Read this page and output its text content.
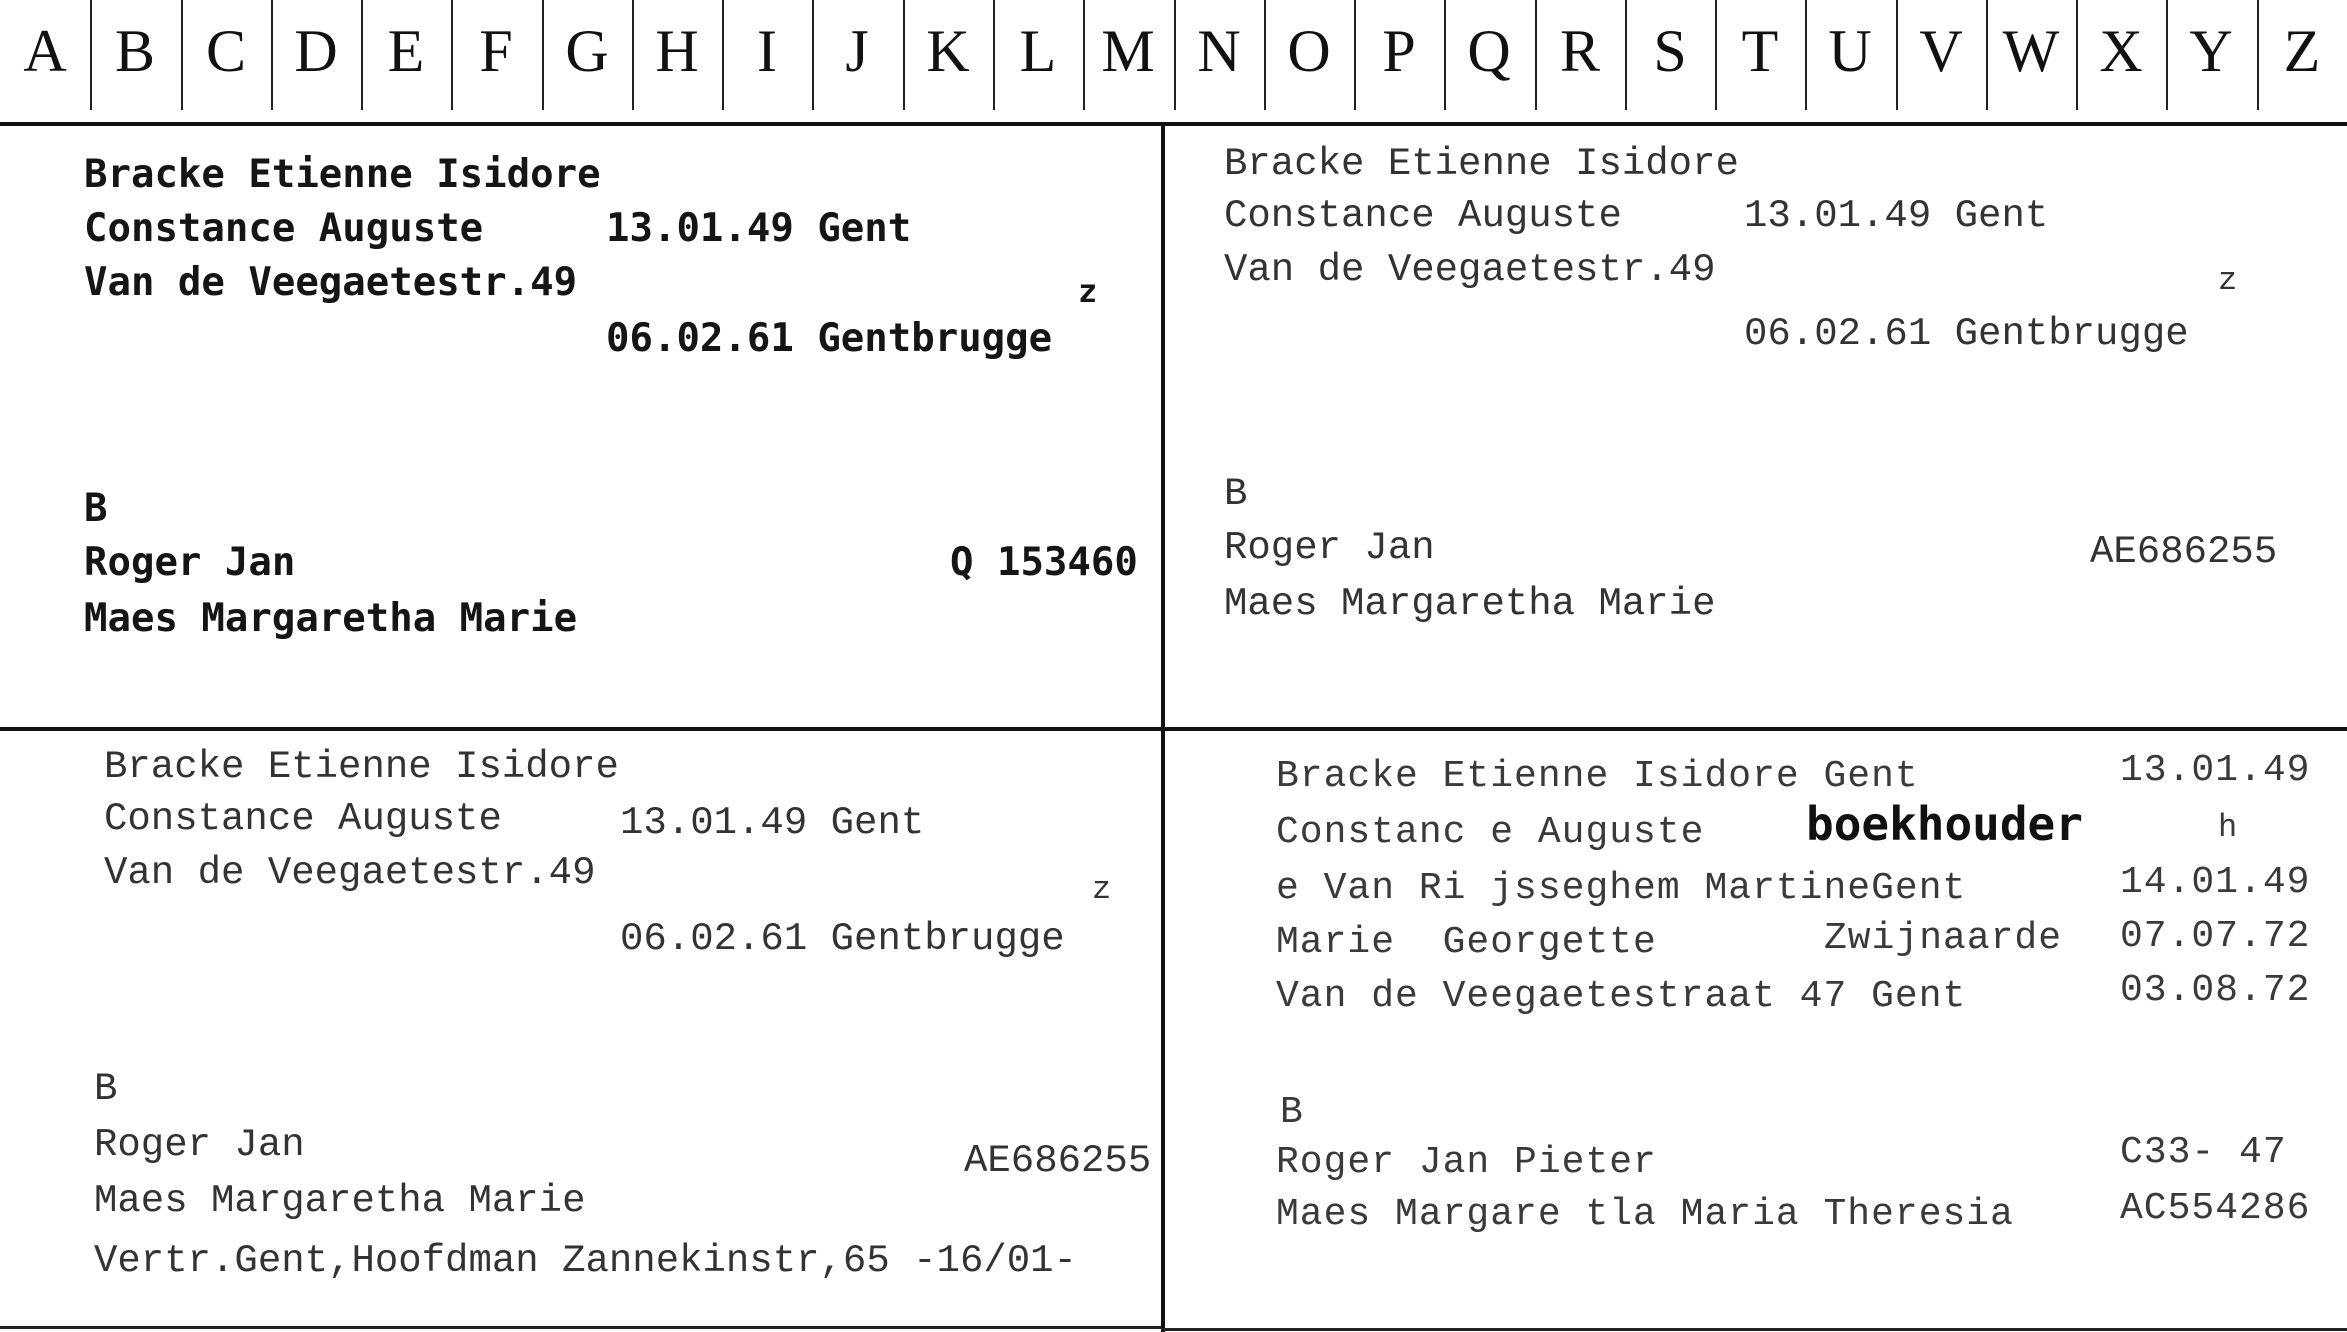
A B C D E F G H I	J K L M N O P Q R S T U V W X Y Z
Bracke Etienne Isidore
Constance Auguste	13.01.49 Gent
Van de Veegaetestr.49	z
06.02.61 Gentbrugge
B
Roger Jan	Q 153460
Maes Margaretha Marie
Bracke Etienne Isidore
Constance Auguste	13.01.49 Gent
Van de Veegaetestr.49	z
06.02.61 Gentbrugge
B
Roger Jan	AE686255
Maes Margaretha Marie
Bracke Etienne Isidore
Constance Auguste	13.01.49 Gent
Van de Veegaetestr.49	z
06.02.61 Gentbrugge
B
Roger Jan	AE686255
Maes Margaretha Marie
Vertr.Gent,Hoofdman Zannekinstr,65 -16/01-
Bracke Etienne Isidore Gent	13.01.49
Constanc e Auguste boekhouder	h
e Van Ri jsseghem MartineGent	14.01.49
Marie  Georgette	Zwijnaarde 07.07.72
Van de Veegaetestraat 47 Gent	03.08.72
B
Roger Jan Pieter	C33- 47
Maes Margare tla Maria Theresia	AC554286
